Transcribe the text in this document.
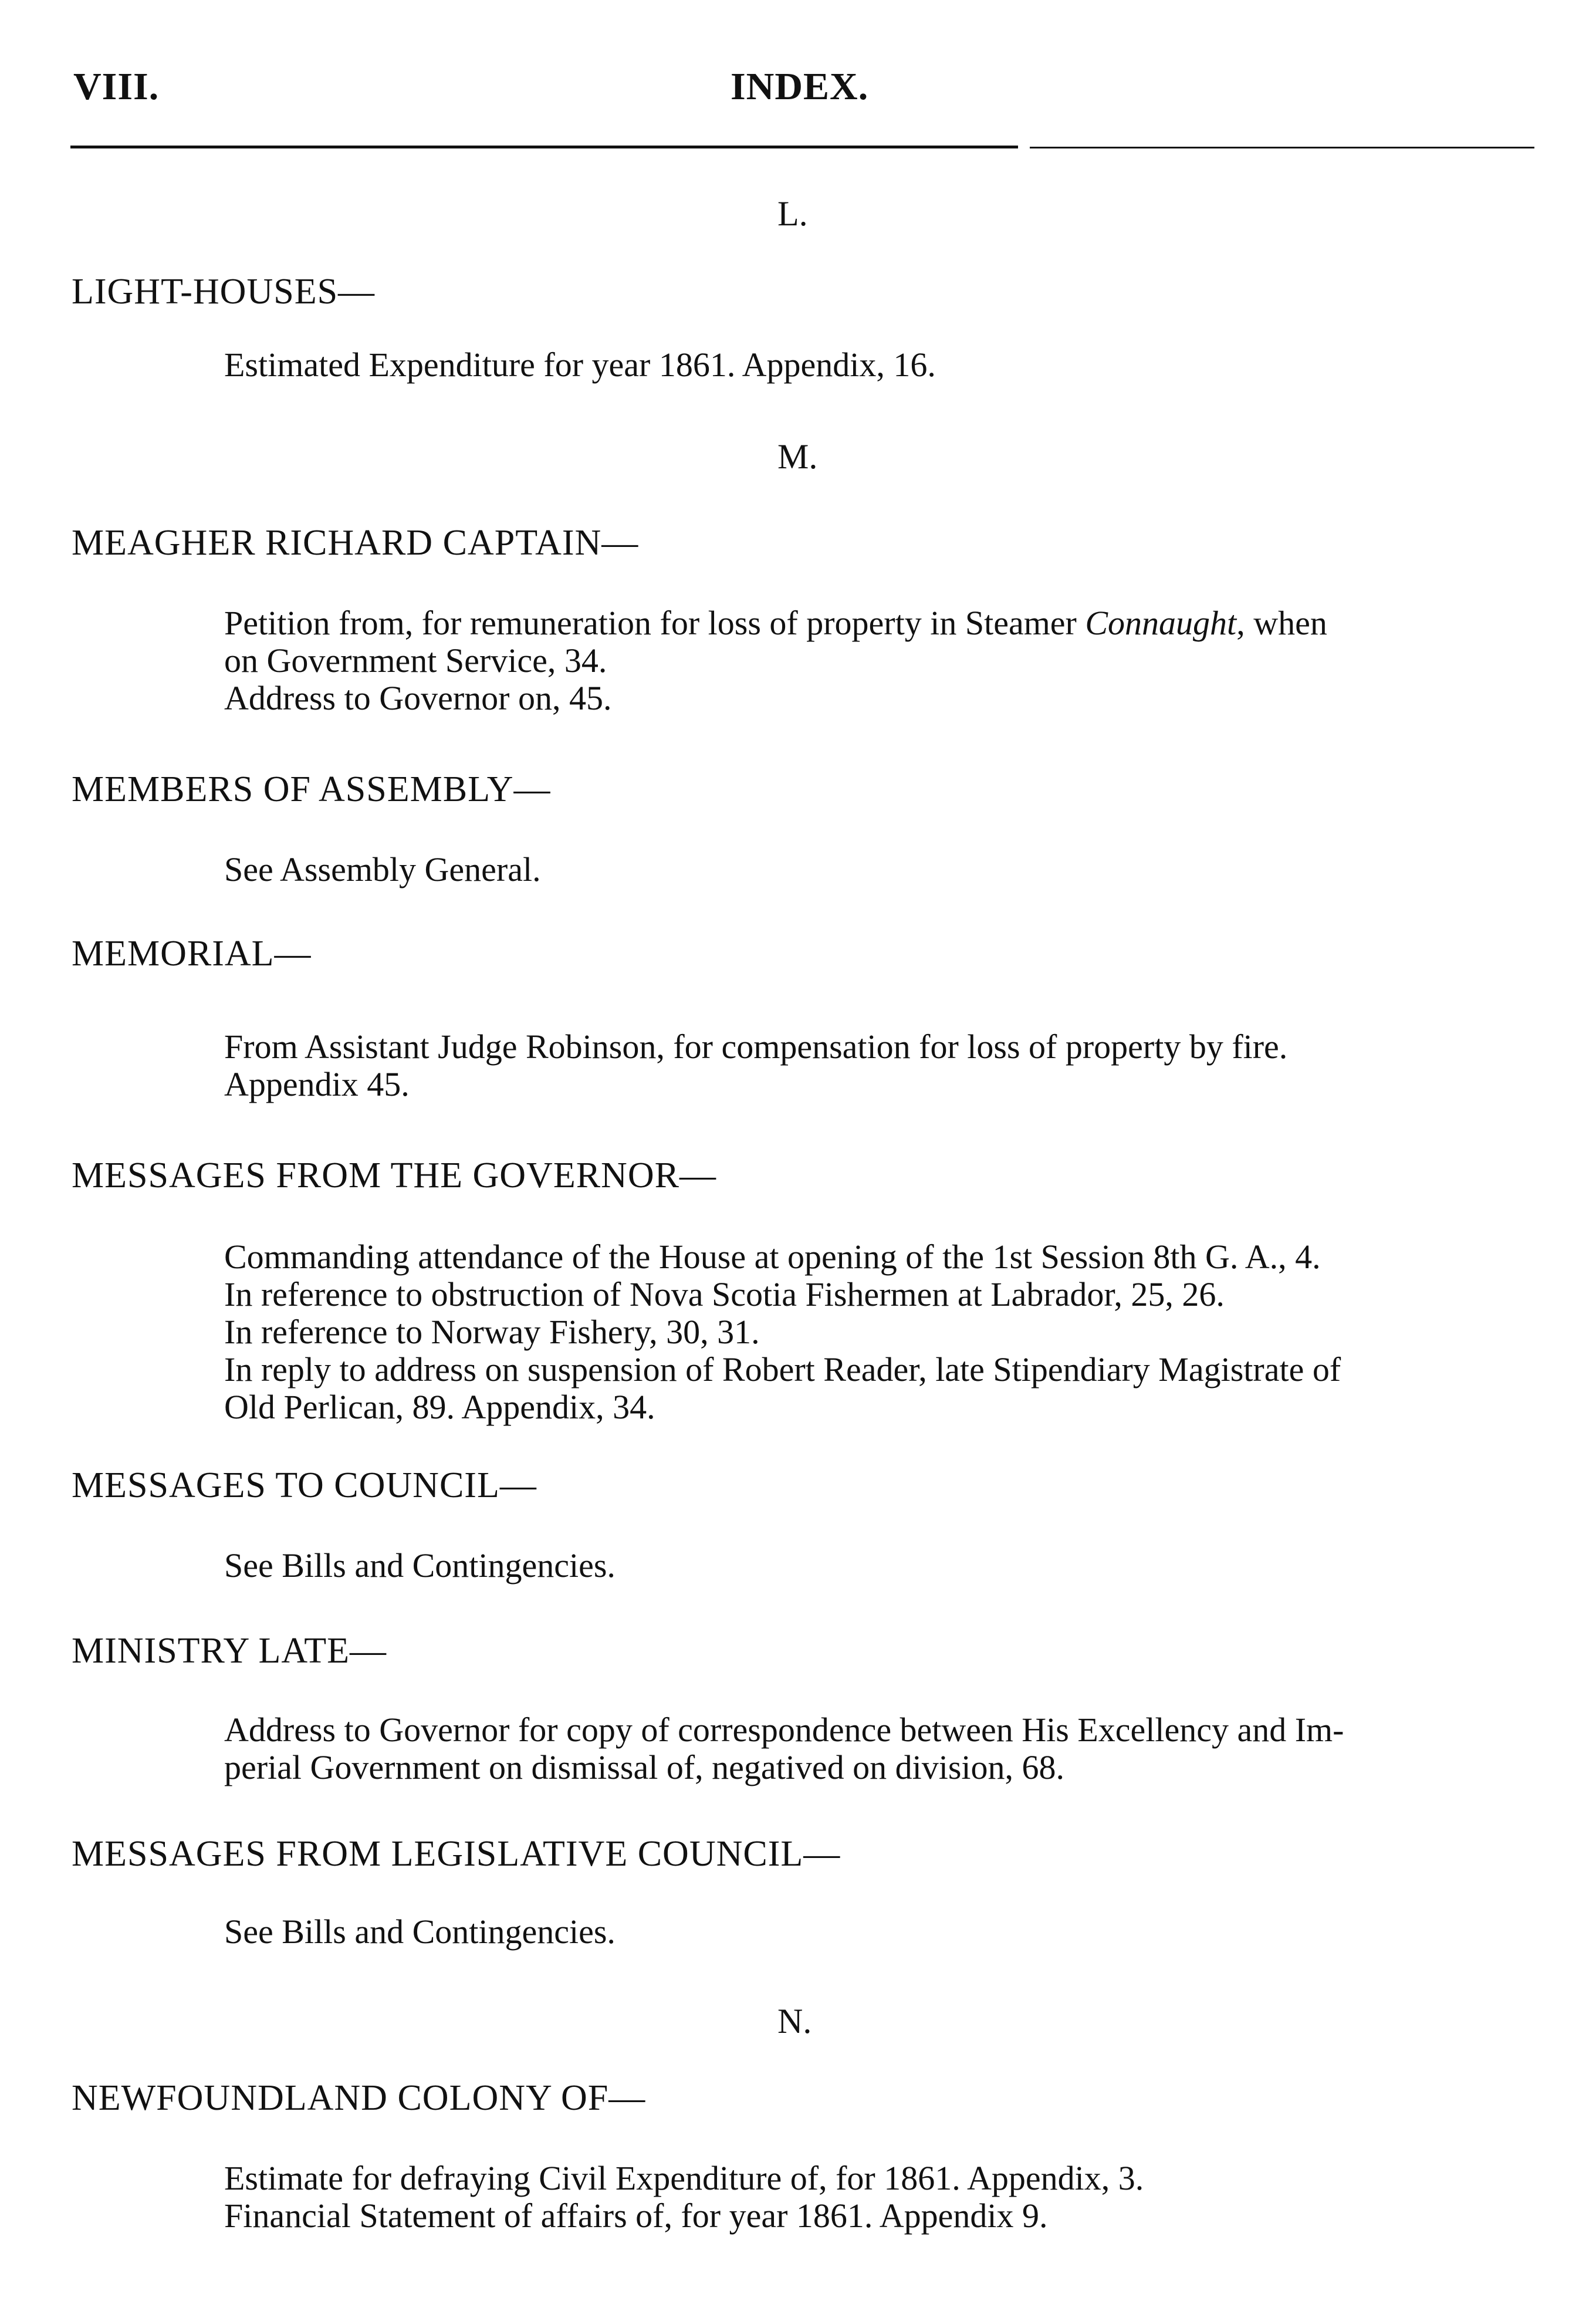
VIII.	INDEX.
L.
LIGHT-HOUSES—
Estimated Expenditure for year 1861. Appendix, 16.
M.
MEAGHER RICHARD CAPTAIN—
Petition from, for remuneration for loss of property in Steamer Connaught, when
on Government Service, 34.
Address to Governor on, 45.
MEMBERS OF ASSEMBLY—
See Assembly General.
MEMORIAL—
From Assistant Judge Robinson, for compensation for loss of property by fire.
Appendix 45.
MESSAGES FROM THE GOVERNOR—
Commanding attendance of the House at opening of the 1st Session 8th G. A., 4.
In reference to obstruction of Nova Scotia Fishermen at Labrador, 25, 26.
In reference to Norway Fishery, 30, 31.
In reply to address on suspension of Robert Reader, late Stipendiary Magistrate of
Old Perlican, 89. Appendix, 34.
MESSAGES TO COUNCIL—
See Bills and Contingencies.
MINISTRY LATE—
Address to Governor for copy of correspondence between His Excellency and Im-
perial Government on dismissal of, negatived on division, 68.
MESSAGES FROM LEGISLATIVE COUNCIL—
See Bills and Contingencies.
N.
NEWFOUNDLAND COLONY OF—
Estimate for defraying Civil Expenditure of, for 1861. Appendix, 3.
Financial Statement of affairs of, for year 1861. Appendix 9.
